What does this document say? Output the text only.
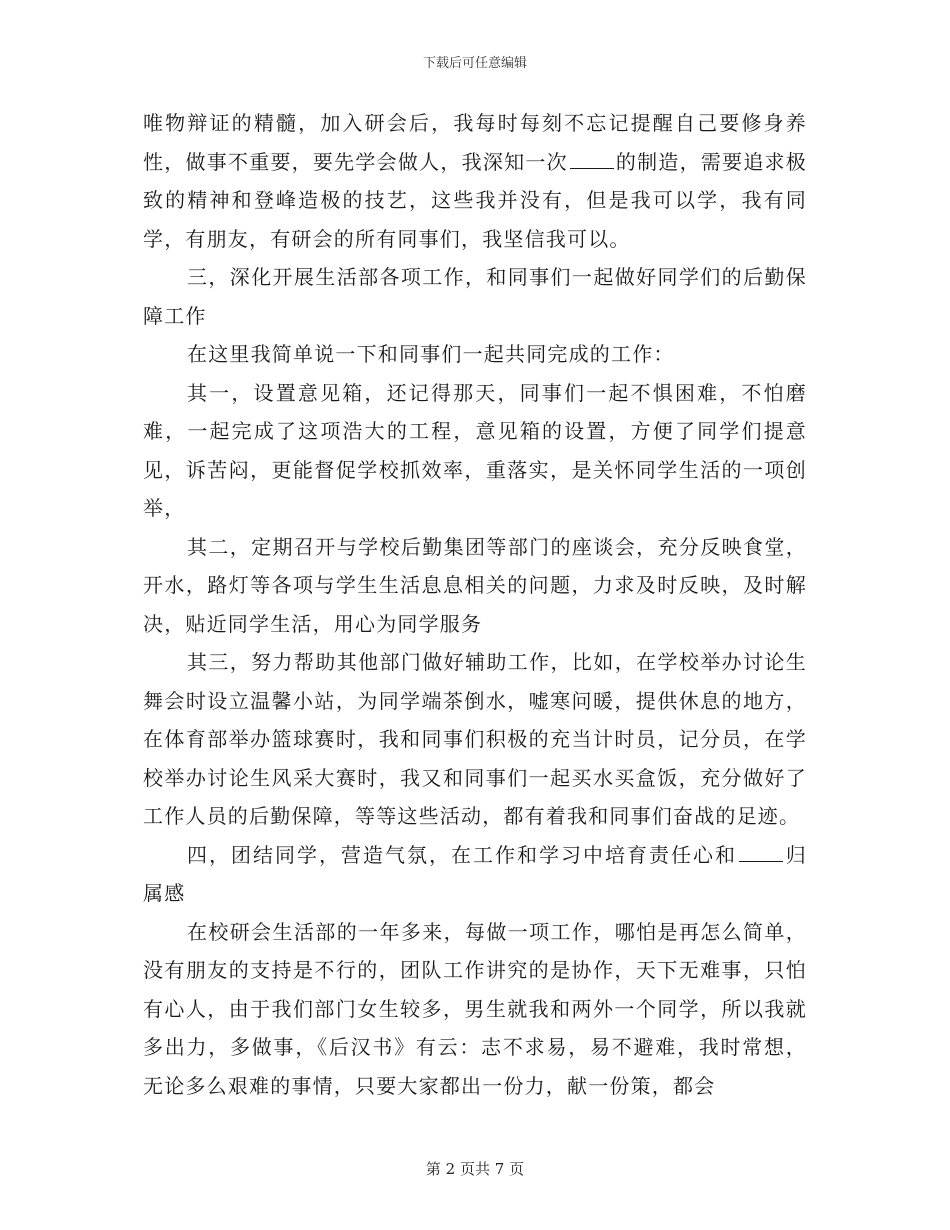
下载后可任意编辑

唯物辩证的精髓，加入研会后，我每时每刻不忘记提醒自己要修身养性，做事不重要，要先学会做人，我深知一次 的制造，需要追求极致的精神和登峰造极的技艺，这些我并没有，但是我可以学，我有同学，有朋友，有研会的所有同事们，我坚信我可以。

三，深化开展生活部各项工作，和同事们一起做好同学们的后勤保障工作

在这里我简单说一下和同事们一起共同完成的工作：

其一，设置意见箱，还记得那天，同事们一起不惧困难，不怕磨难，一起完成了这项浩大的工程，意见箱的设置，方便了同学们提意见，诉苦闷，更能督促学校抓效率，重落实，是关怀同学生活的一项创举，

其二，定期召开与学校后勤集团等部门的座谈会，充分反映食堂，开水，路灯等各项与学生生活息息相关的问题，力求及时反映，及时解决，贴近同学生活，用心为同学服务

其三，努力帮助其他部门做好辅助工作，比如，在学校举办讨论生舞会时设立温馨小站，为同学端茶倒水，嘘寒问暖，提供休息的地方，在体育部举办篮球赛时，我和同事们积极的充当计时员，记分员，在学校举办讨论生风采大赛时，我又和同事们一起买水买盒饭，充分做好了工作人员的后勤保障，等等这些活动，都有着我和同事们奋战的足迹。

四，团结同学，营造气氛，在工作和学习中培育责任心和 归属感

在校研会生活部的一年多来，每做一项工作，哪怕是再怎么简单，没有朋友的支持是不行的，团队工作讲究的是协作，天下无难事，只怕有心人，由于我们部门女生较多，男生就我和两外一个同学，所以我就多出力，多做事，《后汉书》有云：志不求易，易不避难，我时常想，无论多么艰难的事情，只要大家都出一份力，献一份策，都会

第 2 页共 7 页
